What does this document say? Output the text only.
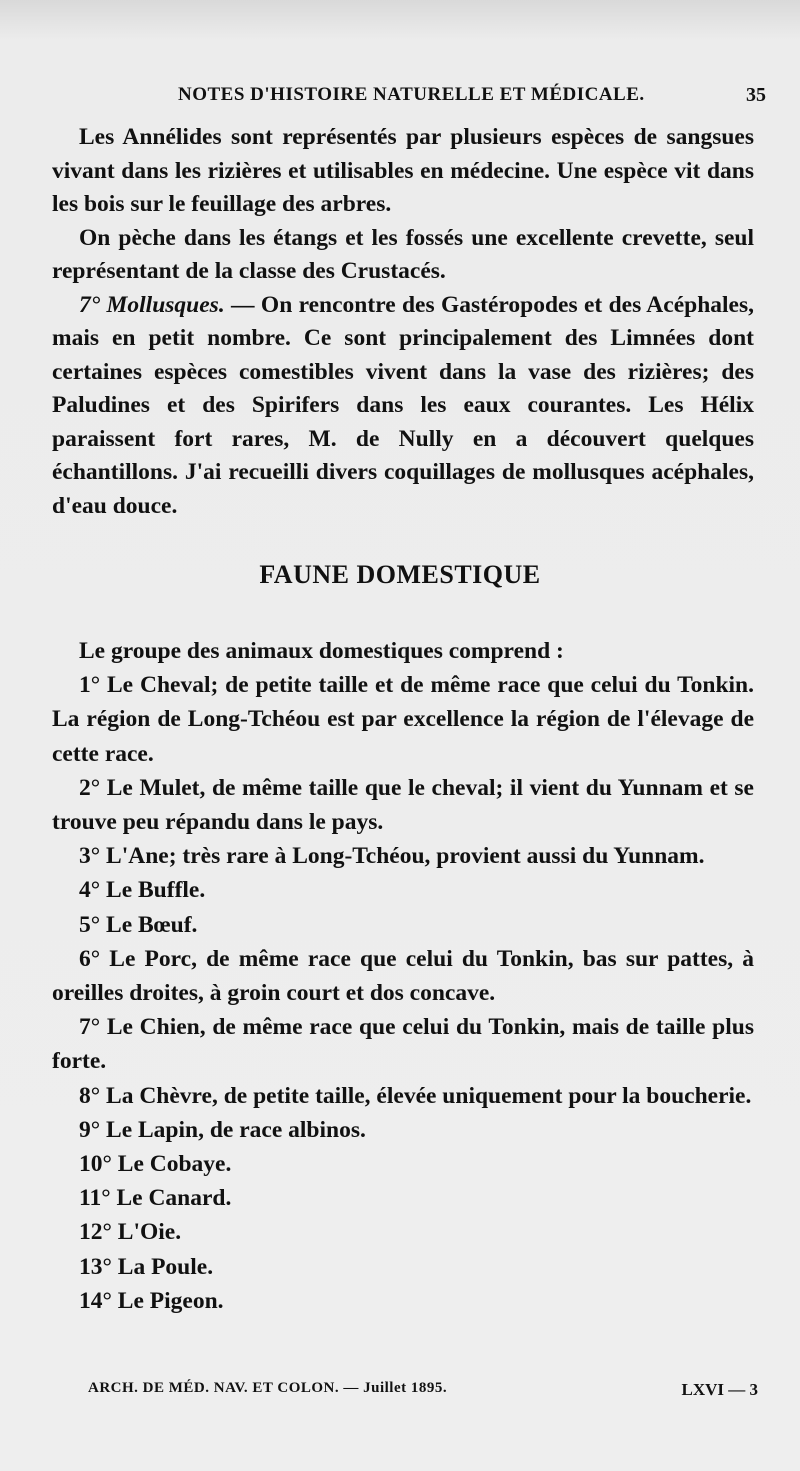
NOTES D'HISTOIRE NATURELLE ET MÉDICALE.	35

Les Annélides sont représentés par plusieurs espèces de sangsues vivant dans les rizières et utilisables en médecine. Une espèce vit dans les bois sur le feuillage des arbres.

On pèche dans les étangs et les fossés une excellente crevette, seul représentant de la classe des Crustacés.

7° Mollusques. — On rencontre des Gastéropodes et des Acéphales, mais en petit nombre. Ce sont principalement des Limnées dont certaines espèces comestibles vivent dans la vase des rizières; des Paludines et des Spirifers dans les eaux courantes. Les Hélix paraissent fort rares, M. de Nully en a découvert quelques échantillons. J'ai recueilli divers coquillages de mollusques acéphales, d'eau douce.

FAUNE DOMESTIQUE

Le groupe des animaux domestiques comprend :

1° Le Cheval; de petite taille et de même race que celui du Tonkin. La région de Long-Tchéou est par excellence la région de l'élevage de cette race.

2° Le Mulet, de même taille que le cheval; il vient du Yunnam et se trouve peu répandu dans le pays.

3° L'Ane; très rare à Long-Tchéou, provient aussi du Yunnam.

4° Le Buffle.

5° Le Bœuf.

6° Le Porc, de même race que celui du Tonkin, bas sur pattes, à oreilles droites, à groin court et dos concave.

7° Le Chien, de même race que celui du Tonkin, mais de taille plus forte.

8° La Chèvre, de petite taille, élevée uniquement pour la boucherie.

9° Le Lapin, de race albinos.

10° Le Cobaye.

11° Le Canard.

12° L'Oie.

13° La Poule.

14° Le Pigeon.

ARCH. DE MÉD. NAV. ET COLON. — Juillet 1895.	LXVI — 3
